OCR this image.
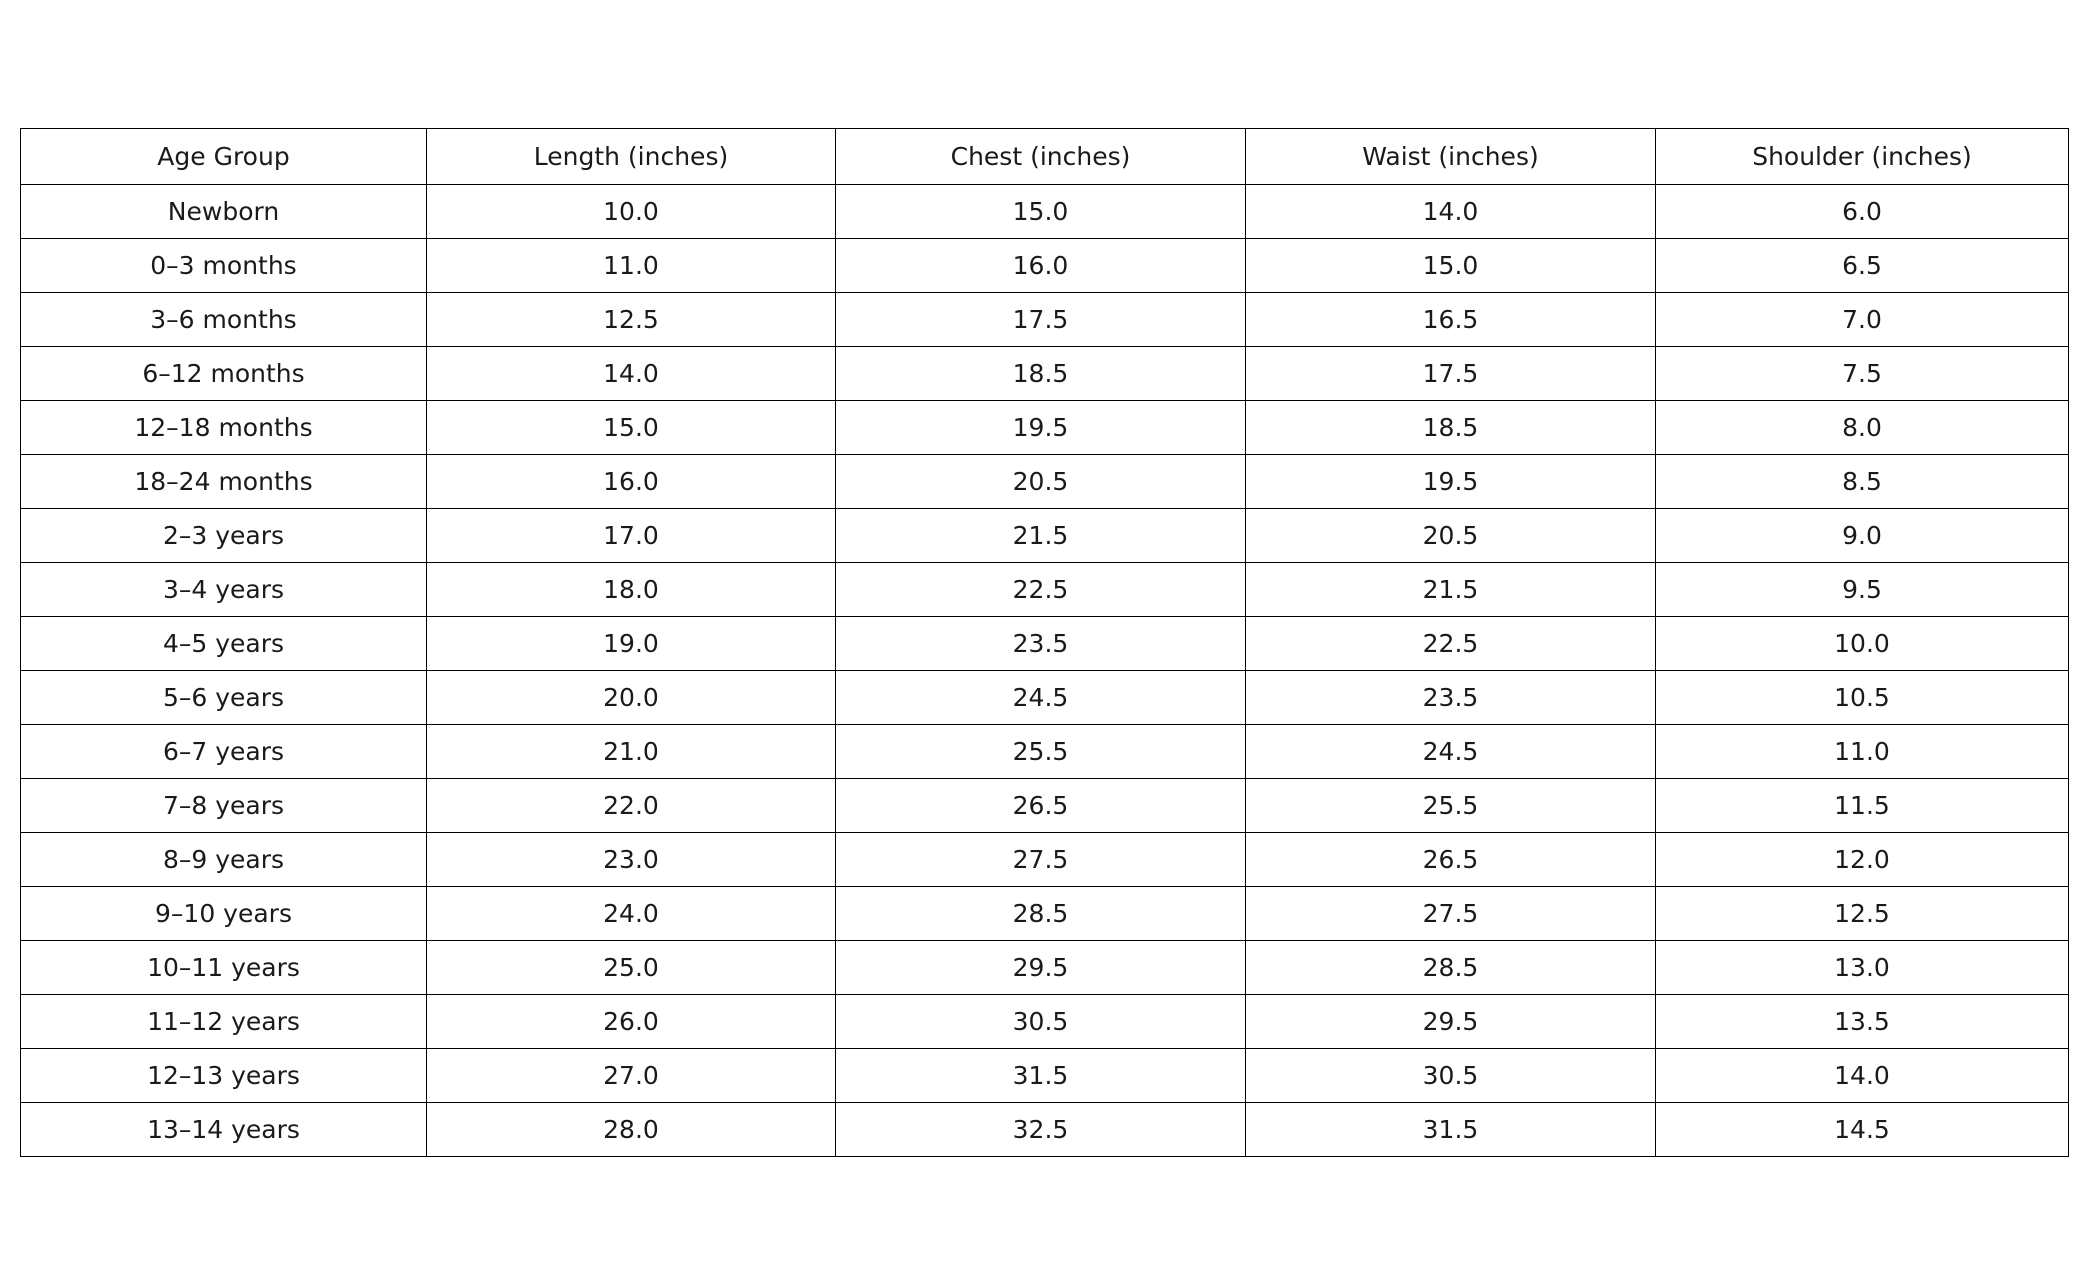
Age Group	Length (inches)	Chest (inches)	Waist (inches)	Shoulder (inches)
Newborn	10.0	15.0	14.0	6.0
0–3 months	11.0	16.0	15.0	6.5
3–6 months	12.5	17.5	16.5	7.0
6–12 months	14.0	18.5	17.5	7.5
12–18 months	15.0	19.5	18.5	8.0
18–24 months	16.0	20.5	19.5	8.5
2–3 years	17.0	21.5	20.5	9.0
3–4 years	18.0	22.5	21.5	9.5
4–5 years	19.0	23.5	22.5	10.0
5–6 years	20.0	24.5	23.5	10.5
6–7 years	21.0	25.5	24.5	11.0
7–8 years	22.0	26.5	25.5	11.5
8–9 years	23.0	27.5	26.5	12.0
9–10 years	24.0	28.5	27.5	12.5
10–11 years	25.0	29.5	28.5	13.0
11–12 years	26.0	30.5	29.5	13.5
12–13 years	27.0	31.5	30.5	14.0
13–14 years	28.0	32.5	31.5	14.5
